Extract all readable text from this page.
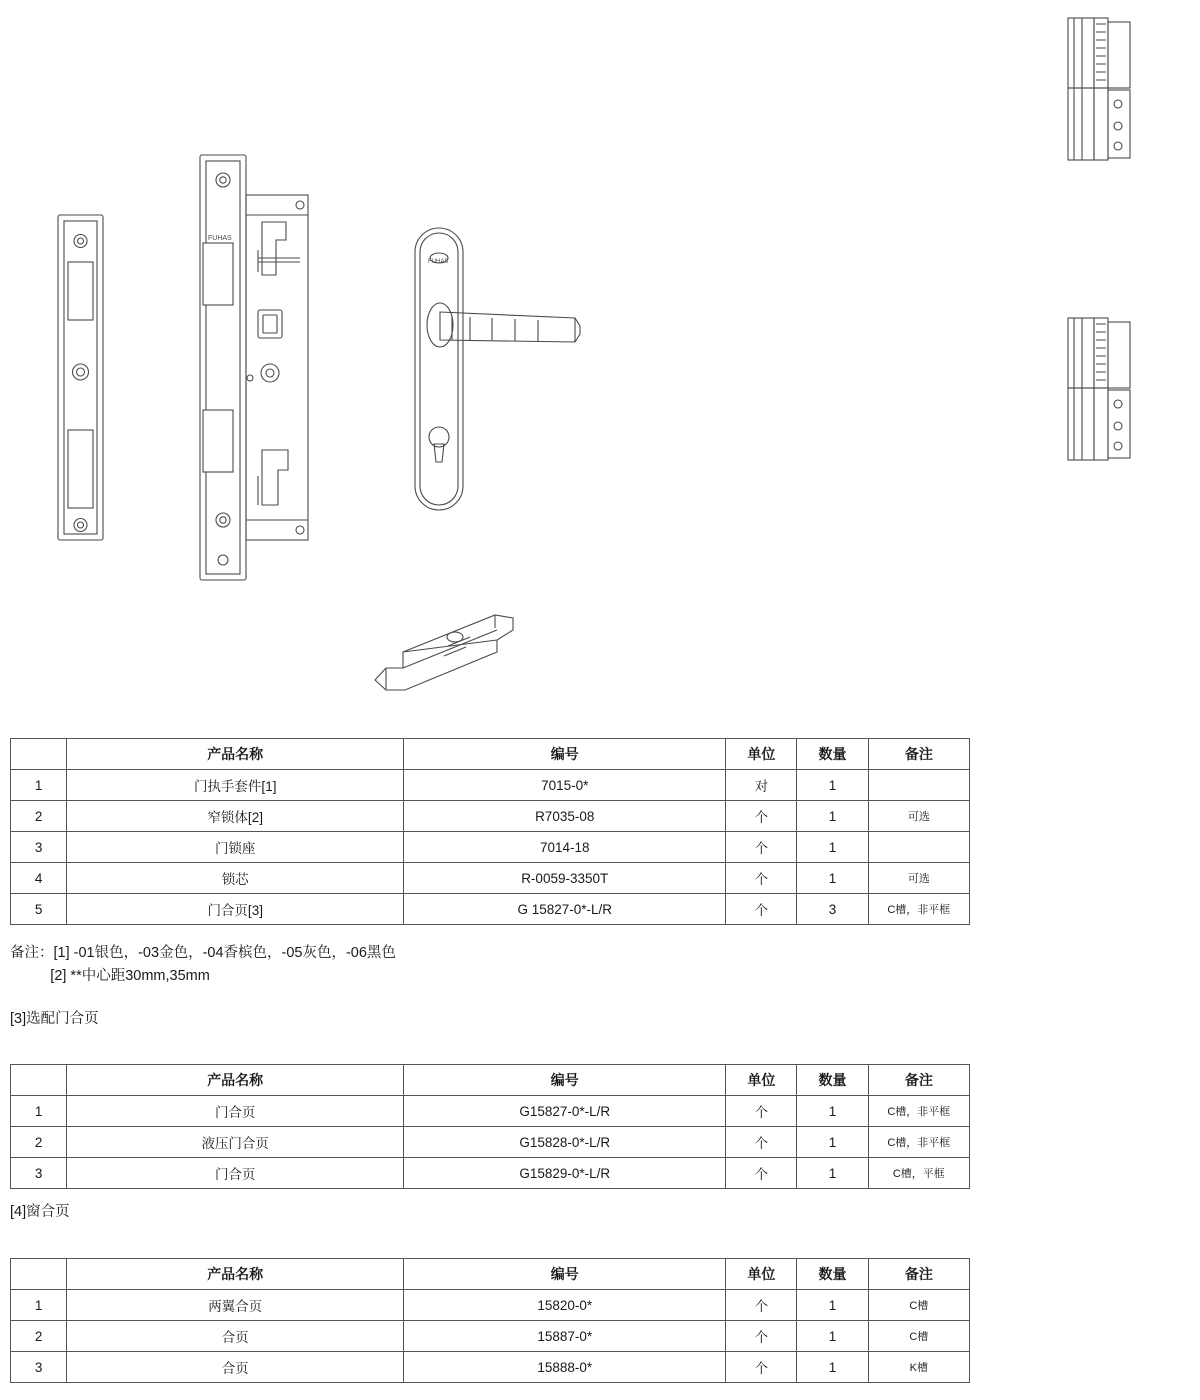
FUHAS
FUHAS
	产品名称	编号	单位	数量	备注
1	门执手套件[1]	7015-0*	对	1	
2	窄锁体[2]	R7035-08	个	1	可选
3	门锁座	7014-18	个	1	
4	锁芯	R-0059-3350T	个	1	可选
5	门合页[3]	G 15827-0*-L/R	个	3	C槽，非平框
备注：[1] -01银色，-03金色，-04香槟色，-05灰色，-06黑色
[2] **中心距30mm,35mm
[3]选配门合页
	产品名称	编号	单位	数量	备注
1	门合页	G15827-0*-L/R	个	1	C槽，非平框
2	液压门合页	G15828-0*-L/R	个	1	C槽，非平框
3	门合页	G15829-0*-L/R	个	1	C槽，平框
[4]窗合页
	产品名称	编号	单位	数量	备注
1	两翼合页	15820-0*	个	1	C槽
2	合页	15887-0*	个	1	C槽
3	合页	15888-0*	个	1	K槽
